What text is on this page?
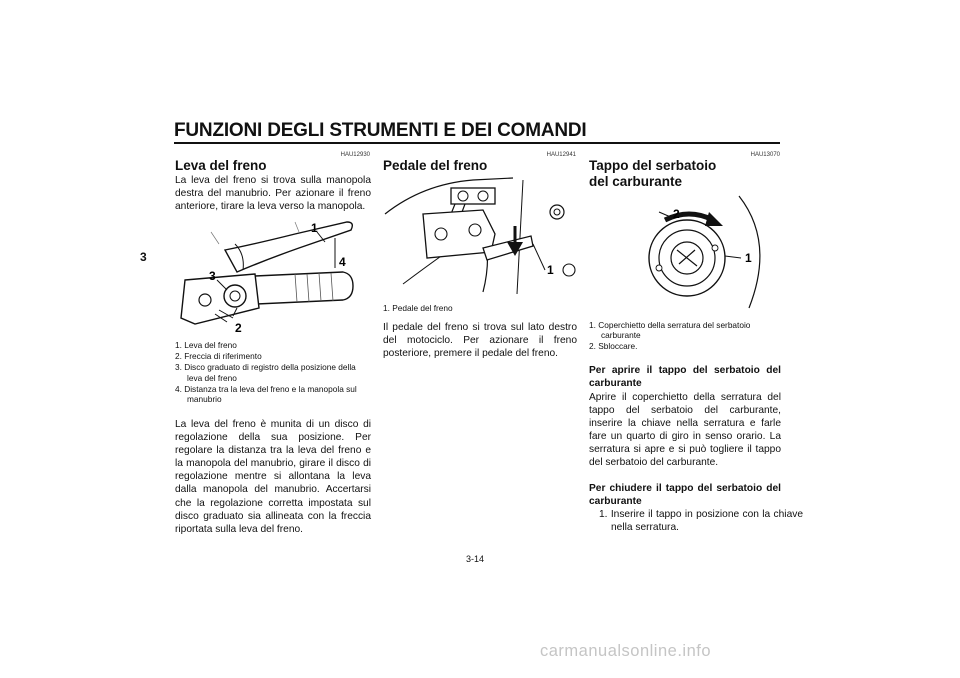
FUNZIONI DEGLI STRUMENTI E DEI COMANDI
3
HAU12930
Leva del freno
La leva del freno si trova sulla manopola destra del manubrio. Per azionare il freno anteriore, tirare la leva verso la manopola.
1
4
3
2
1. Leva del freno
2. Freccia di riferimento
3. Disco graduato di registro della posizione della leva del freno
4. Distanza tra la leva del freno e la manopola sul manubrio
La leva del freno è munita di un disco di regolazione della sua posizione. Per regolare la distanza tra la leva del freno e la manopola del manubrio, girare il disco di regolazione mentre si allontana la leva dalla manopola del manubrio. Accertarsi che la regolazione corretta impostata sul disco graduato sia allineata con la freccia riportata sulla leva del freno.
HAU12941
Pedale del freno
1
1. Pedale del freno
Il pedale del freno si trova sul lato destro del motociclo. Per azionare il freno posteriore, premere il pedale del freno.
HAU13070
Tappo del serbatoio del carburante
2
1
1. Coperchietto della serratura del serbatoio carburante
2. Sbloccare.
Per aprire il tappo del serbatoio del carburante
Aprire il coperchietto della serratura del tappo del serbatoio del carburante, inserire la chiave nella serratura e farle fare un quarto di giro in senso orario. La serratura si apre e si può togliere il tappo del serbatoio del carburante.
Per chiudere il tappo del serbatoio del carburante
1. Inserire il tappo in posizione con la chiave nella serratura.
3-14
carmanualsonline.info
